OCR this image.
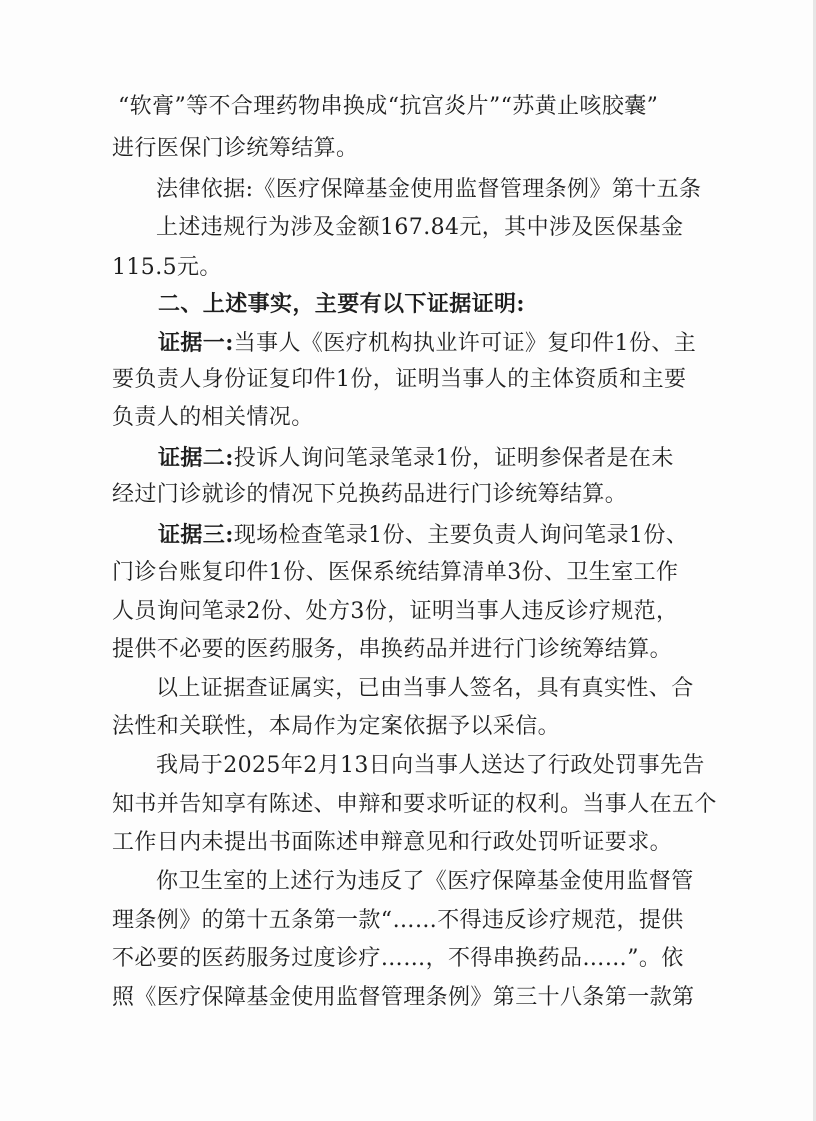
“软膏”等不合理药物串换成“抗宫炎片”“苏黄止咳胶囊”
进行医保门诊统筹结算。
法律依据:《医疗保障基金使用监督管理条例》第十五条
上述违规行为涉及金额167.84元，其中涉及医保基金
115.5元。
二、上述事实，主要有以下证据证明:
证据一:当事人《医疗机构执业许可证》复印件1份、主
要负责人身份证复印件1份，证明当事人的主体资质和主要
负责人的相关情况。
证据二:投诉人询问笔录笔录1份，证明参保者是在未
经过门诊就诊的情况下兑换药品进行门诊统筹结算。
证据三:现场检查笔录1份、主要负责人询问笔录1份、
门诊台账复印件1份、医保系统结算清单3份、卫生室工作
人员询问笔录2份、处方3份，证明当事人违反诊疗规范，
提供不必要的医药服务，串换药品并进行门诊统筹结算。
以上证据查证属实，已由当事人签名，具有真实性、合
法性和关联性，本局作为定案依据予以采信。
我局于2025年2月13日向当事人送达了行政处罚事先告
知书并告知享有陈述、申辩和要求听证的权利。当事人在五个
工作日内未提出书面陈述申辩意见和行政处罚听证要求。
你卫生室的上述行为违反了《医疗保障基金使用监督管
理条例》的第十五条第一款“……不得违反诊疗规范，提供
不必要的医药服务过度诊疗……，不得串换药品……”。依
照《医疗保障基金使用监督管理条例》第三十八条第一款第
